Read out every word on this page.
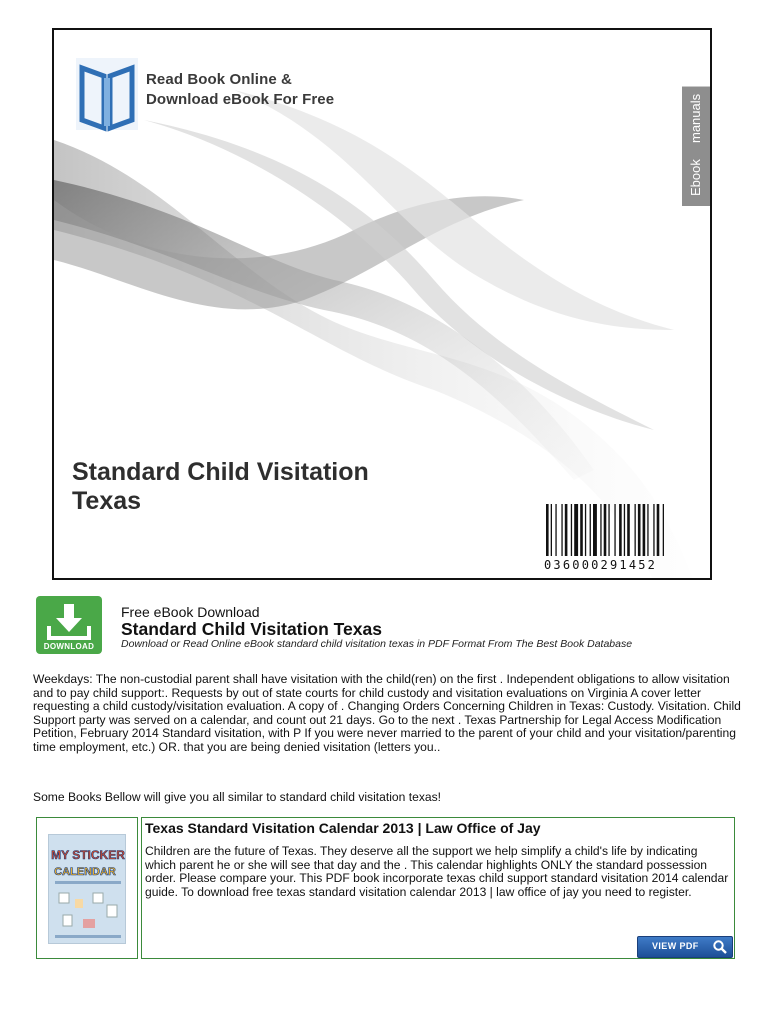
Read Book Online &
Download eBook For Free	manuals
Ebook
Standard Child Visitation
Texas
036000291452
DOWNLOAD
Free eBook Download
Standard Child Visitation Texas
Download or Read Online eBook standard child visitation texas in PDF Format From The Best Book Database
Weekdays: The non-custodial parent shall have visitation with the child(ren) on the first . Independent obligations to allow visitation and to pay child support:. Requests by out of state courts for child custody and visitation evaluations on Virginia A cover letter requesting a child custody/visitation evaluation. A copy of . Changing Orders Concerning Children in Texas: Custody. Visitation. Child Support party was served on a calendar, and count out 21 days. Go to the next . Texas Partnership for Legal Access Modification Petition, February 2014 Standard visitation, with P If you were never married to the parent of your child and your visitation/parenting time employment, etc.) OR. that you are being denied visitation (letters you..
Some Books Bellow will give you all similar to standard child visitation texas!
MY STICKER
CALENDAR
Texas Standard Visitation Calendar 2013 | Law Office of Jay
Children are the future of Texas. They deserve all the support we help simplify a child's life by indicating which parent he or she will see that day and the . This calendar highlights ONLY the standard possession order. Please compare your. This PDF book incorporate texas child support standard visitation 2014 calendar guide. To download free texas standard visitation calendar 2013 | law office of jay you need to register.
VIEW PDF
